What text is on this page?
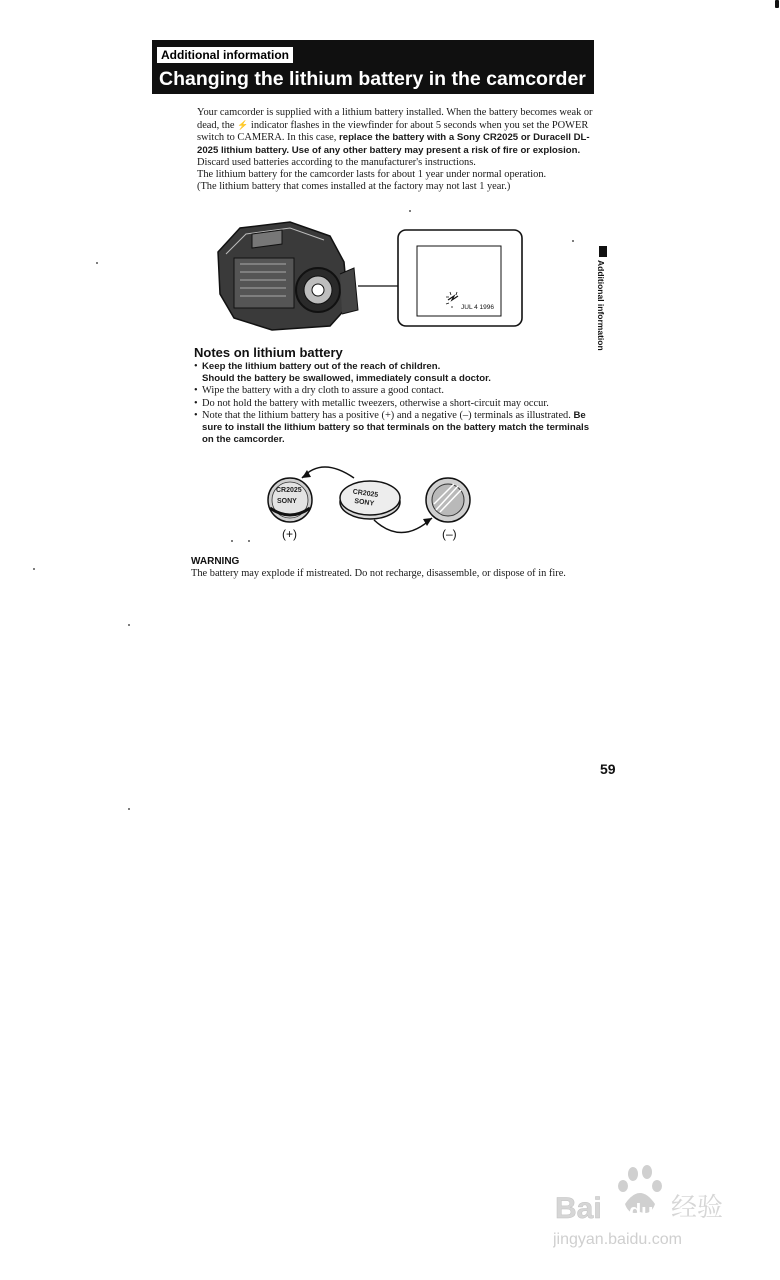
Additional information
Changing the lithium battery in the camcorder
Your camcorder is supplied with a lithium battery installed. When the battery becomes weak or dead, the ⚡ indicator flashes in the viewfinder for about 5 seconds when you set the POWER switch to CAMERA. In this case, replace the battery with a Sony CR2025 or Duracell DL-2025 lithium battery. Use of any other battery may present a risk of fire or explosion. Discard used batteries according to the manufacturer's instructions.
The lithium battery for the camcorder lasts for about 1 year under normal operation.
(The lithium battery that comes installed at the factory may not last 1 year.)
JUL 4 1996	Additional information
Notes on lithium battery
• Keep the lithium battery out of the reach of children.
Should the battery be swallowed, immediately consult a doctor.
• Wipe the battery with a dry cloth to assure a good contact.
• Do not hold the battery with metallic tweezers, otherwise a short-circuit may occur.
• Note that the lithium battery has a positive (+) and a negative (–) terminals as illustrated. Be sure to install the lithium battery so that terminals on the battery match the terminals on the camcorder.
CR2025
SONY
CR2025
SONY
(+)	(–)
WARNING
The battery may explode if mistreated. Do not recharge, disassemble, or dispose of in fire.
59
Bai du 经验
jingyan.baidu.com
